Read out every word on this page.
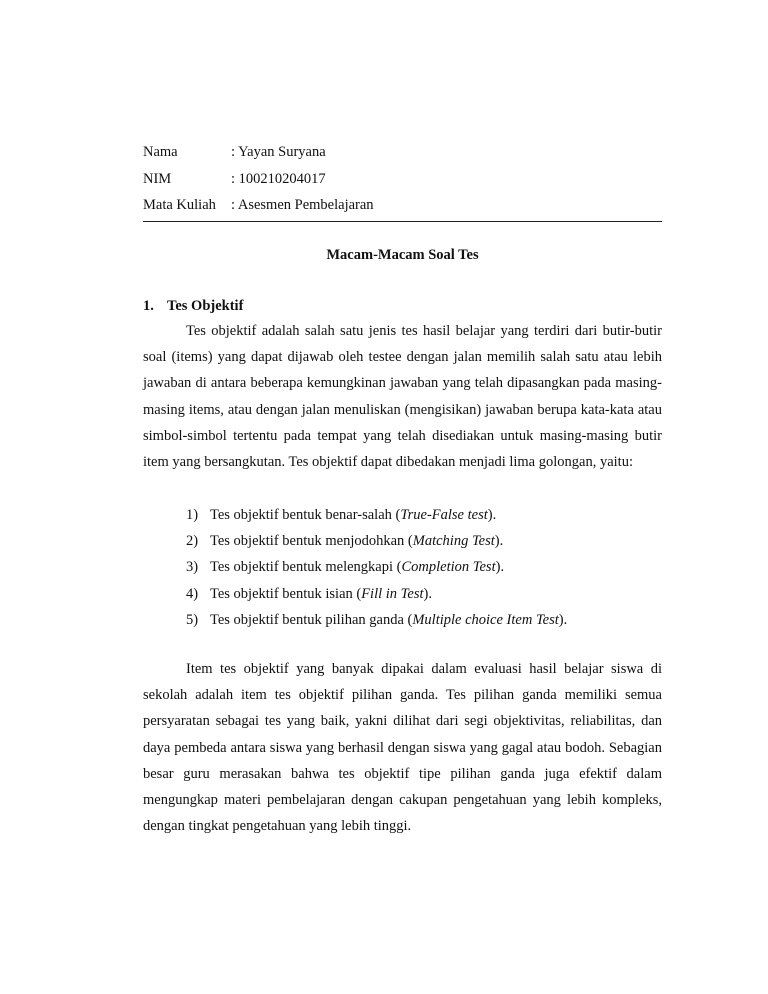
Nama	: Yayan Suryana
NIM	: 100210204017
Mata Kuliah : Asesmen Pembelajaran
Macam-Macam Soal Tes
1. Tes Objektif

Tes objektif adalah salah satu jenis tes hasil belajar yang terdiri dari butir-butir soal (items) yang dapat dijawab oleh testee dengan jalan memilih salah satu atau lebih jawaban di antara beberapa kemungkinan jawaban yang telah dipasangkan pada masing-masing items, atau dengan jalan menuliskan (mengisikan) jawaban berupa kata-kata atau simbol-simbol tertentu pada tempat yang telah disediakan untuk masing-masing butir item yang bersangkutan. Tes objektif dapat dibedakan menjadi lima golongan, yaitu:

1) Tes objektif bentuk benar-salah (True-False test).
2) Tes objektif bentuk menjodohkan (Matching Test).
3) Tes objektif bentuk melengkapi (Completion Test).
4) Tes objektif bentuk isian (Fill in Test).
5) Tes objektif bentuk pilihan ganda (Multiple choice Item Test).

Item tes objektif yang banyak dipakai dalam evaluasi hasil belajar siswa di sekolah adalah item tes objektif pilihan ganda. Tes pilihan ganda memiliki semua persyaratan sebagai tes yang baik, yakni dilihat dari segi objektivitas, reliabilitas, dan daya pembeda antara siswa yang berhasil dengan siswa yang gagal atau bodoh. Sebagian besar guru merasakan bahwa tes objektif tipe pilihan ganda juga efektif dalam mengungkap materi pembelajaran dengan cakupan pengetahuan yang lebih kompleks, dengan tingkat pengetahuan yang lebih tinggi.
